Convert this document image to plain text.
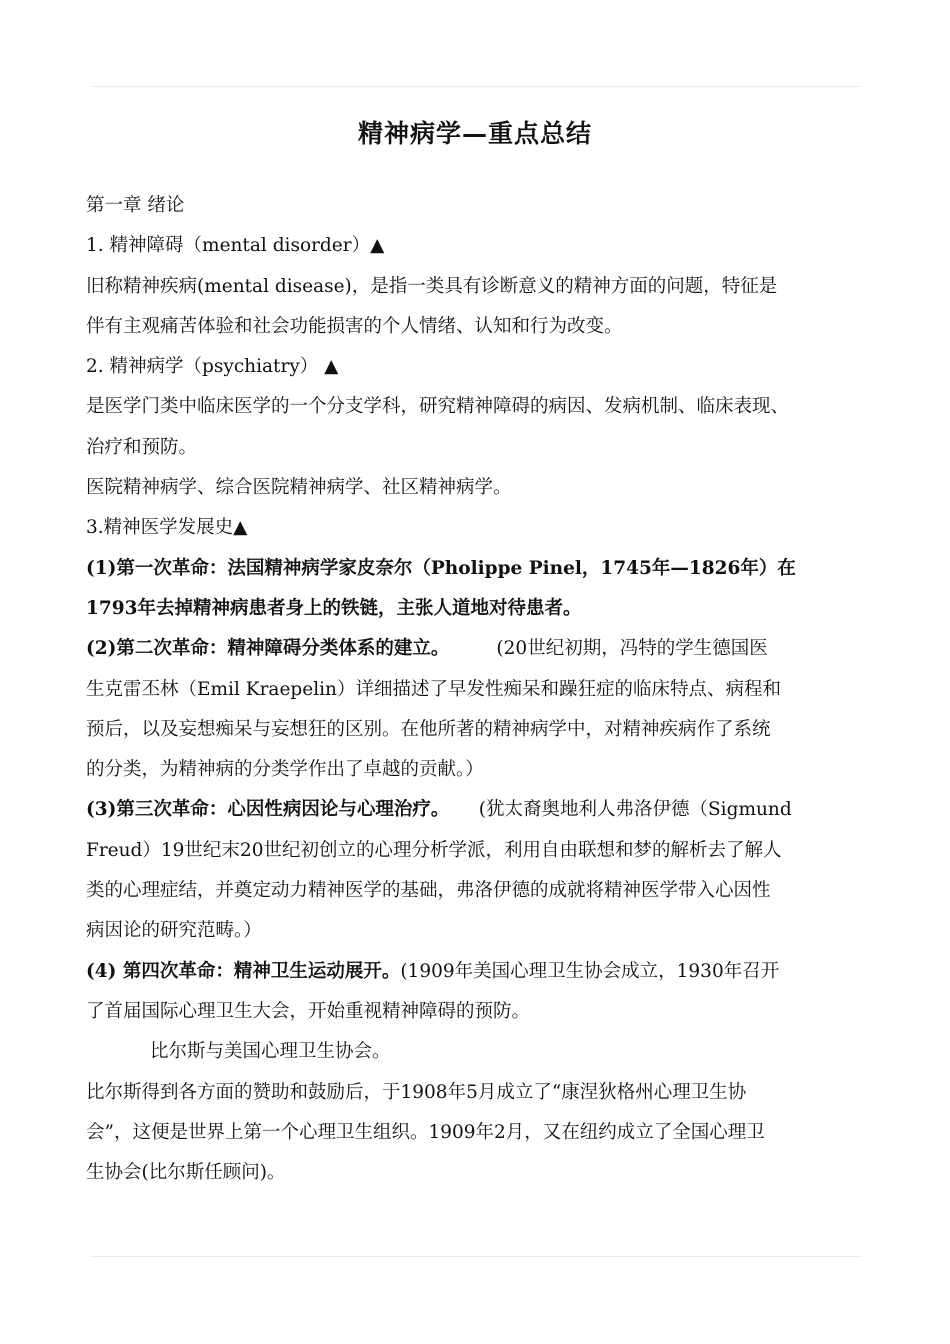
精神病学—重点总结
第一章 绪论
1. 精神障碍（mental disorder）▲
旧称精神疾病(mental disease)，是指一类具有诊断意义的精神方面的问题，特征是
伴有主观痛苦体验和社会功能损害的个人情绪、认知和行为改变。
2. 精神病学（psychiatry） ▲
是医学门类中临床医学的一个分支学科，研究精神障碍的病因、发病机制、临床表现、
治疗和预防。
医院精神病学、综合医院精神病学、社区精神病学。
3.精神医学发展史▲
(1)第一次革命：法国精神病学家皮奈尔（Pholippe Pinel，1745年—1826年）在
1793年去掉精神病患者身上的铁链，主张人道地对待患者。
(2)第二次革命：精神障碍分类体系的建立。        (20世纪初期，冯特的学生德国医
生克雷丕林（Emil Kraepelin）详细描述了早发性痴呆和躁狂症的临床特点、病程和
预后，以及妄想痴呆与妄想狂的区别。在他所著的精神病学中，对精神疾病作了系统
的分类，为精神病的分类学作出了卓越的贡献。）
(3)第三次革命：心因性病因论与心理治疗。     (犹太裔奥地利人弗洛伊德（Sigmund
Freud）19世纪末20世纪初创立的心理分析学派，利用自由联想和梦的解析去了解人
类的心理症结，并奠定动力精神医学的基础，弗洛伊德的成就将精神医学带入心因性
病因论的研究范畴。）
(4) 第四次革命：精神卫生运动展开。(1909年美国心理卫生协会成立，1930年召开
了首届国际心理卫生大会，开始重视精神障碍的预防。
比尔斯与美国心理卫生协会。
比尔斯得到各方面的赞助和鼓励后，于1908年5月成立了“康涅狄格州心理卫生协
会”，这便是世界上第一个心理卫生组织。1909年2月，又在纽约成立了全国心理卫
生协会(比尔斯任顾问)。
